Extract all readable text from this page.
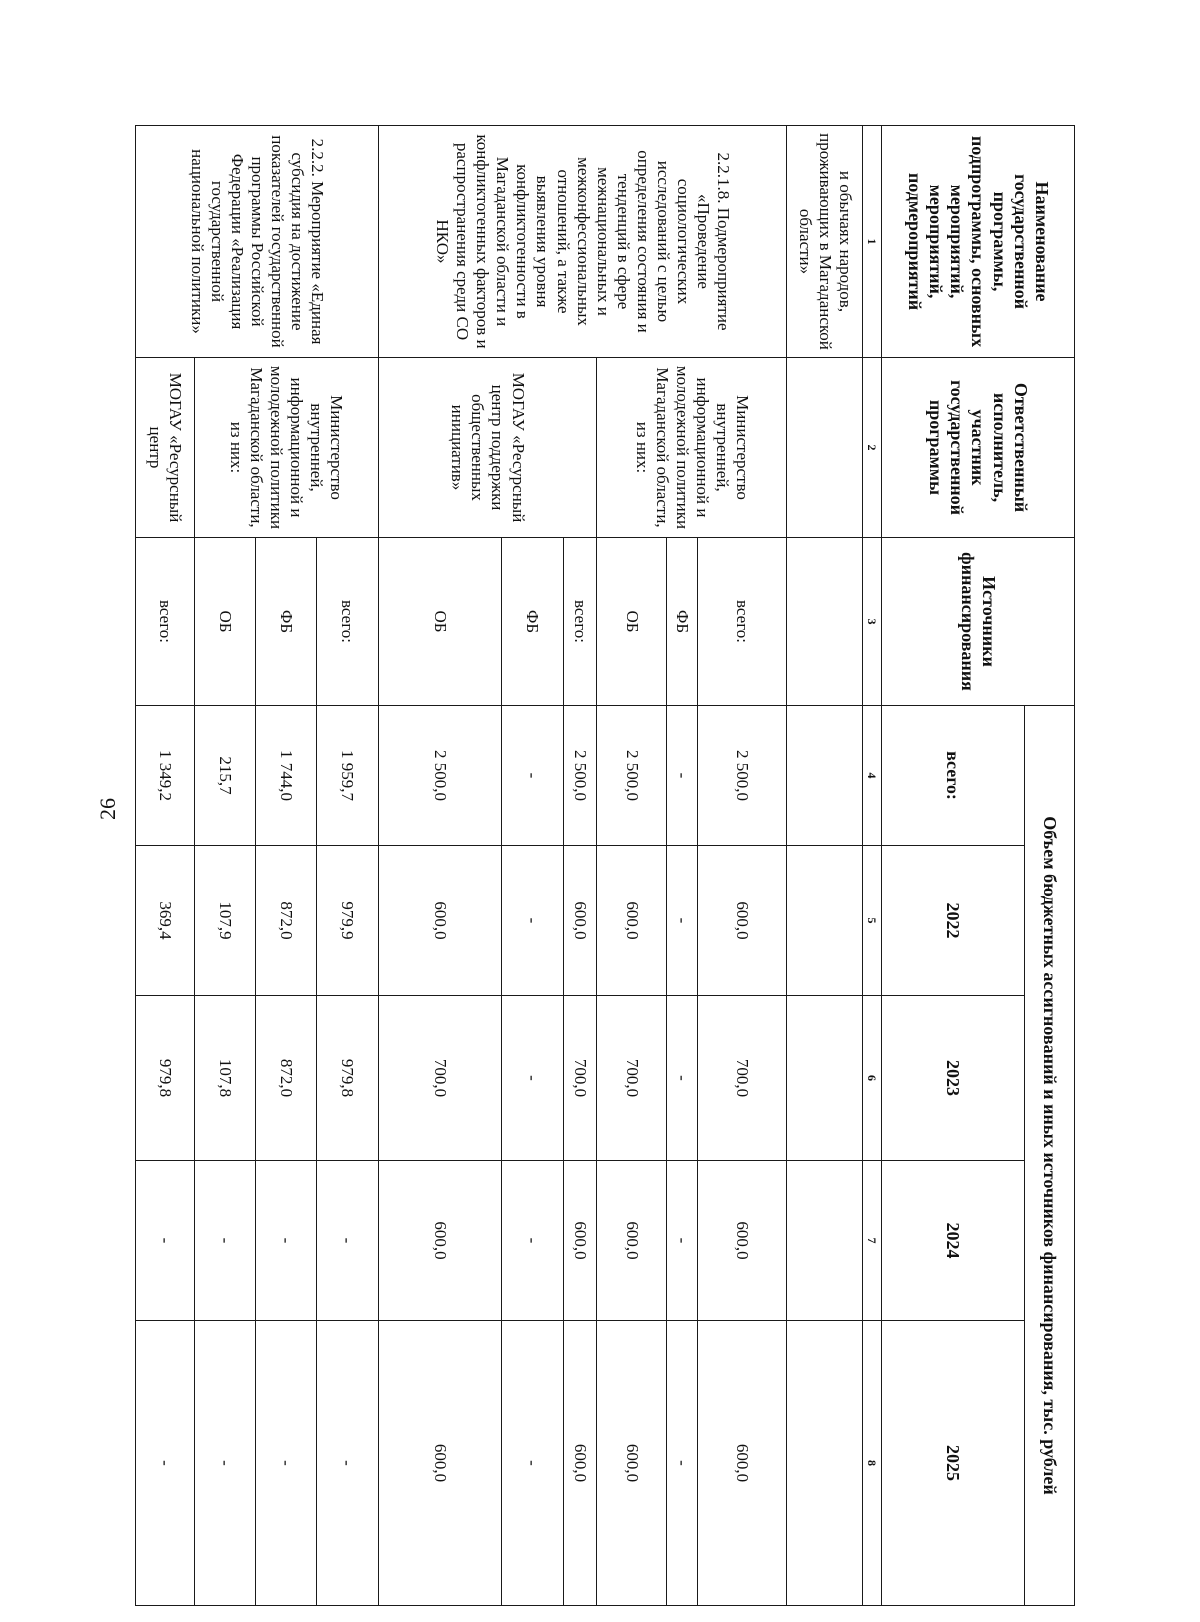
26
Наименование государственной программы, подпрограммы, основных мероприятий, мероприятий, подмероприятий	Ответственный исполнитель, участник государственной программы	Источники финансирования	Объем бюджетных ассигнований и иных источников финансирования, тыс. рублей				
			всего:	2022	2023	2024	2025
1	2	3	4	5	6	7	8
и обычаях народов, проживающих в Магаданской области»							
2.2.1.8. Подмероприятие «Проведение социологических исследований с целью определения состояния и тенденций в сфере межнациональных и межконфессиональных отношений, а также выявления уровня конфликтогенности в Магаданской области и конфликтогенных факторов и распространения среди СО НКО»	Министерство внутренней, информационной и молодежной политики Магаданской области, из них:	всего:	2 500,0	600,0	700,0	600,0	600,0
		ФБ	-	-	-	-	-
		ОБ	2 500,0	600,0	700,0	600,0	600,0
	МОГАУ «Ресурсный центр поддержки общественных инициатив»	всего:	2 500,0	600,0	700,0	600,0	600,0
		ФБ	-	-	-	-	-
		ОБ	2 500,0	600,0	700,0	600,0	600,0
2.2.2. Мероприятие «Единая субсидия на достижение показателей государственной программы Российской Федерации «Реализация государственной национальной политики»	Министерство внутренней, информационной и молодежной политики Магаданской области, из них:	всего:	1 959,7	979,9	979,8	-	-
		ФБ	1 744,0	872,0	872,0	-	-
		ОБ	215,7	107,9	107,8	-	-
	МОГАУ «Ресурсный центр	всего:	1 349,2	369,4	979,8	-	-
